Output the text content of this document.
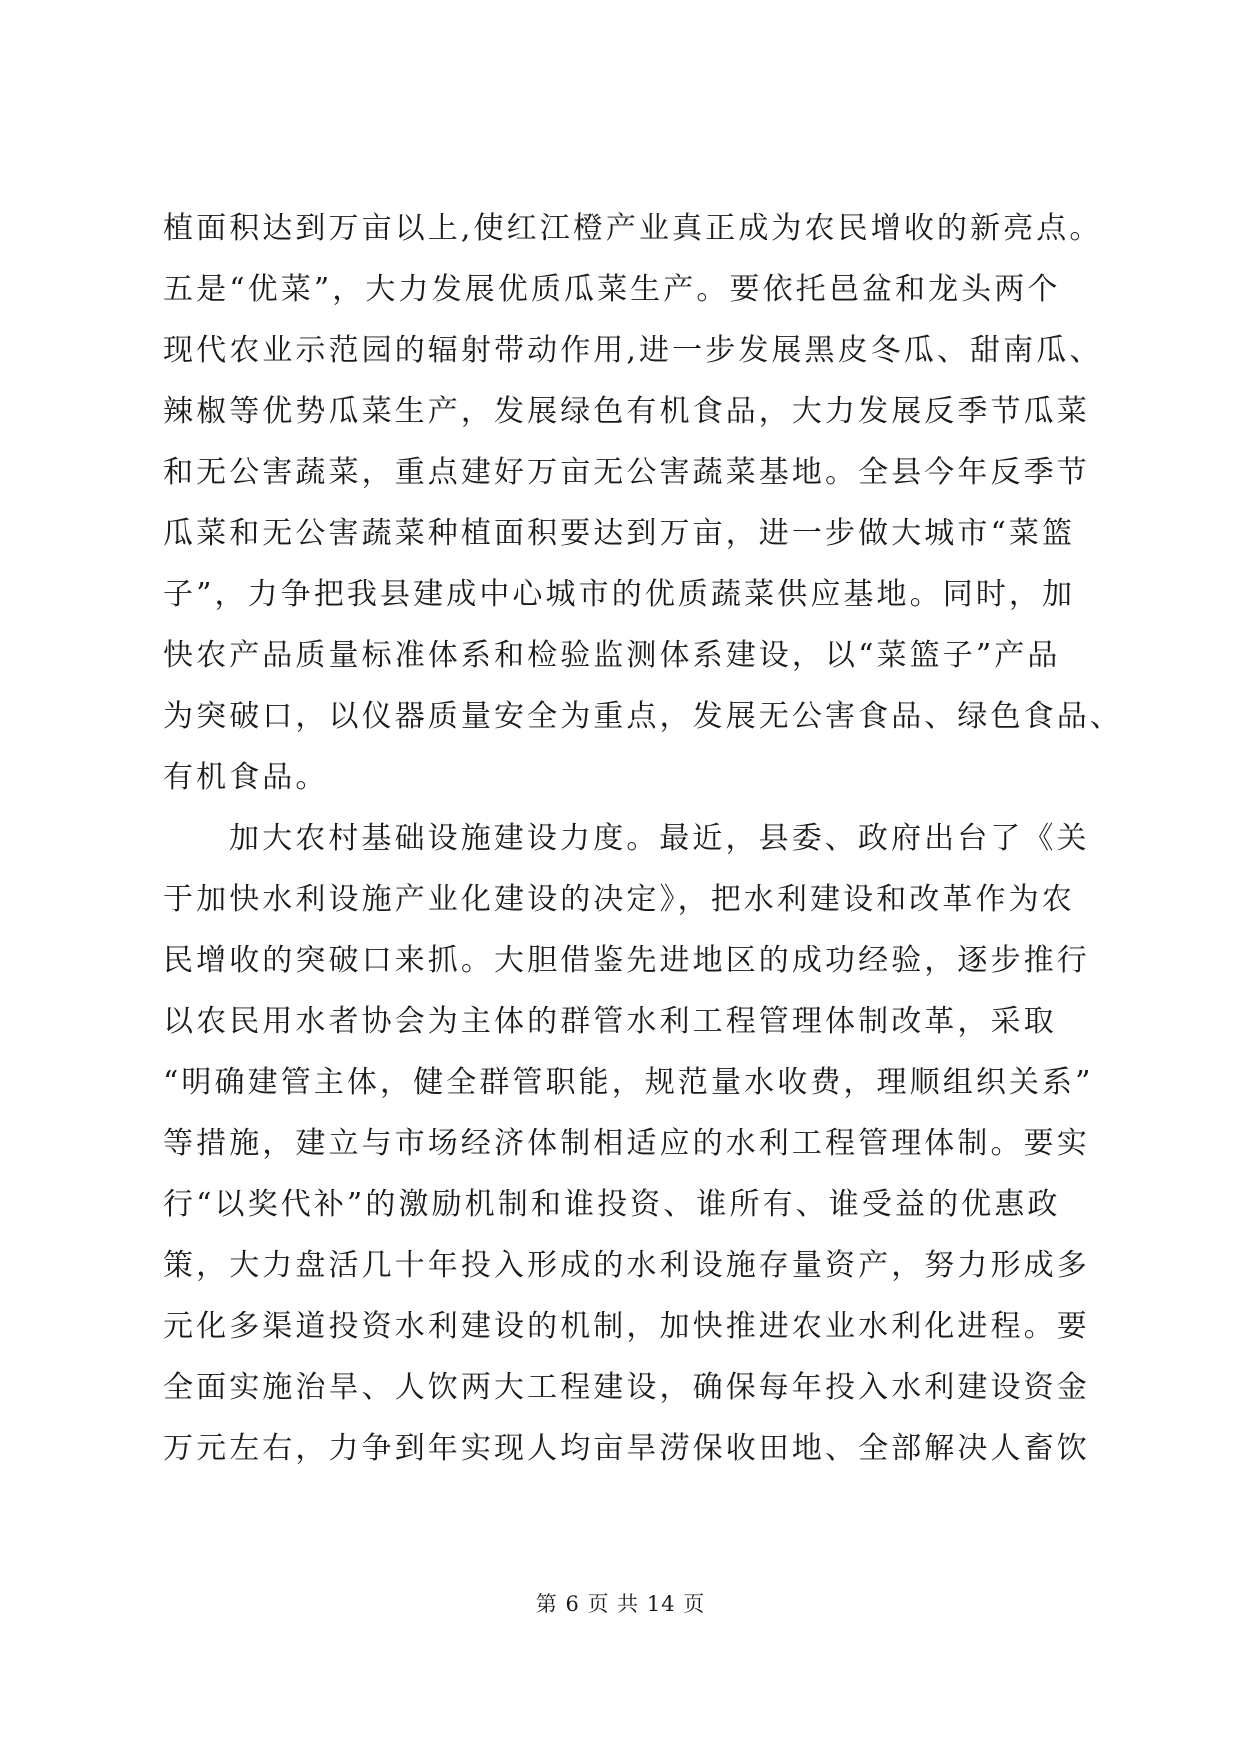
植面积达到万亩以上,使红江橙产业真正成为农民增收的新亮点。
五是“优菜”，大力发展优质瓜菜生产。要依托邑盆和龙头两个
现代农业示范园的辐射带动作用,进一步发展黑皮冬瓜、甜南瓜、
辣椒等优势瓜菜生产，发展绿色有机食品，大力发展反季节瓜菜
和无公害蔬菜，重点建好万亩无公害蔬菜基地。全县今年反季节
瓜菜和无公害蔬菜种植面积要达到万亩，进一步做大城市“菜篮
子”，力争把我县建成中心城市的优质蔬菜供应基地。同时，加
快农产品质量标准体系和检验监测体系建设，以“菜篮子”产品
为突破口，以仪器质量安全为重点，发展无公害食品、绿色食品、
有机食品。
加大农村基础设施建设力度。最近，县委、政府出台了《关
于加快水利设施产业化建设的决定》，把水利建设和改革作为农
民增收的突破口来抓。大胆借鉴先进地区的成功经验，逐步推行
以农民用水者协会为主体的群管水利工程管理体制改革，采取
“明确建管主体，健全群管职能，规范量水收费，理顺组织关系”
等措施，建立与市场经济体制相适应的水利工程管理体制。要实
行“以奖代补”的激励机制和谁投资、谁所有、谁受益的优惠政
策，大力盘活几十年投入形成的水利设施存量资产，努力形成多
元化多渠道投资水利建设的机制，加快推进农业水利化进程。要
全面实施治旱、人饮两大工程建设，确保每年投入水利建设资金
万元左右，力争到年实现人均亩旱涝保收田地、全部解决人畜饮
第 6 页 共 14 页
